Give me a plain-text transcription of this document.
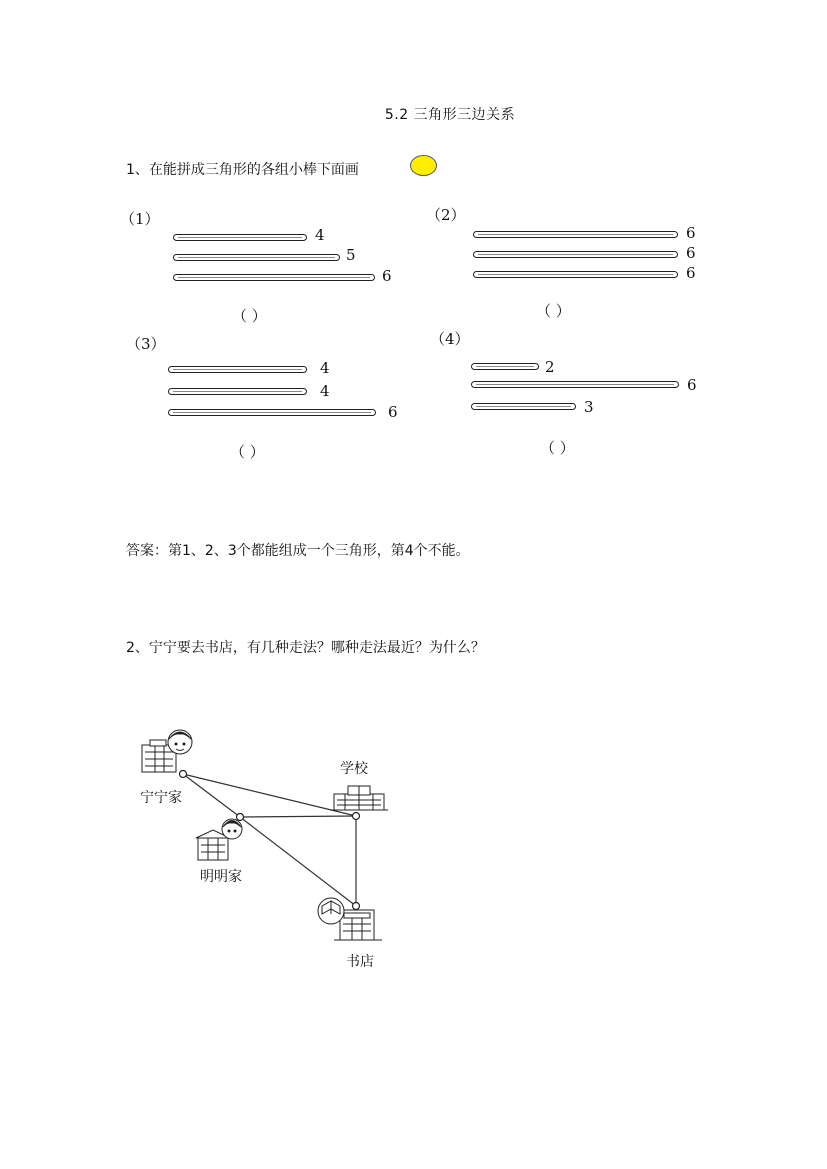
5.2 三角形三边关系
1、在能拼成三角形的各组小棒下面画
（1）
4
5
6
（ ）
（2）
6
6
6
（ ）
（3）
4
4
6
（ ）
（4）
2
6
3
（ ）
答案：第1、2、3个都能组成一个三角形，第4个不能。
2、宁宁要去书店，有几种走法？哪种走法最近？为什么？
宁宁家
学校
明明家
书店
